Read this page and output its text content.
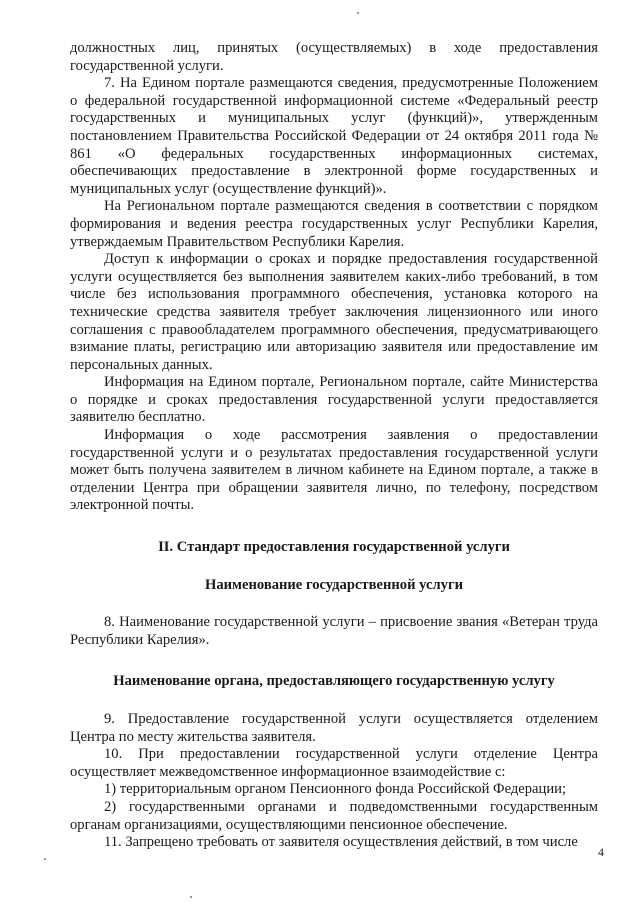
должностных лиц, принятых (осуществляемых) в ходе предоставления государственной услуги.

7. На Едином портале размещаются сведения, предусмотренные Положением о федеральной государственной информационной системе «Федеральный реестр государственных и муниципальных услуг (функций)», утвержденным постановлением Правительства Российской Федерации от 24 октября 2011 года № 861 «О федеральных государственных информационных системах, обеспечивающих предоставление в электронной форме государственных и муниципальных услуг (осуществление функций)».

На Региональном портале размещаются сведения в соответствии с порядком формирования и ведения реестра государственных услуг Республики Карелия, утверждаемым Правительством Республики Карелия.

Доступ к информации о сроках и порядке предоставления государственной услуги осуществляется без выполнения заявителем каких-либо требований, в том числе без использования программного обеспечения, установка которого на технические средства заявителя требует заключения лицензионного или иного соглашения с правообладателем программного обеспечения, предусматривающего взимание платы, регистрацию или авторизацию заявителя или предоставление им персональных данных.

Информация на Едином портале, Региональном портале, сайте Министерства о порядке и сроках предоставления государственной услуги предоставляется заявителю бесплатно.

Информация о ходе рассмотрения заявления о предоставлении государственной услуги и о результатах предоставления государственной услуги может быть получена заявителем в личном кабинете на Едином портале, а также в отделении Центра при обращении заявителя лично, по телефону, посредством электронной почты.

II. Стандарт предоставления государственной услуги
Наименование государственной услуги

8. Наименование государственной услуги – присвоение звания «Ветеран труда Республики Карелия».

Наименование органа, предоставляющего государственную услугу

9. Предоставление государственной услуги осуществляется отделением Центра по месту жительства заявителя.

10. При предоставлении государственной услуги отделение Центра осуществляет межведомственное информационное взаимодействие с:

1) территориальным органом Пенсионного фонда Российской Федерации;

2) государственными органами и подведомственными государственным органам организациями, осуществляющими пенсионное обеспечение.

11. Запрещено требовать от заявителя осуществления действий, в том числе

4
